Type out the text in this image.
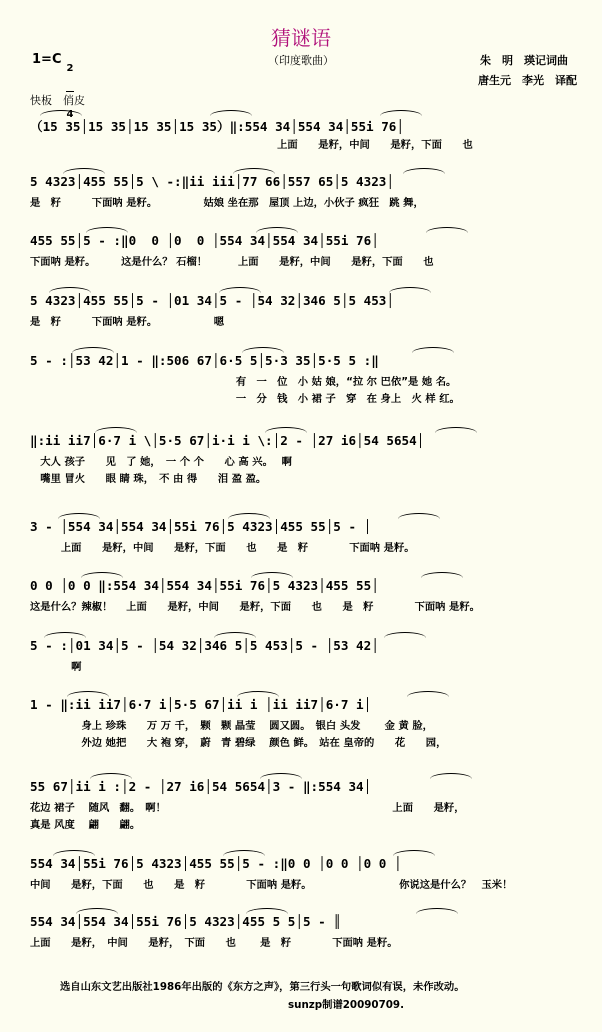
猜谜语
（印度歌曲）
1=C

2

4

朱　明　瑛记词曲
唐生元　李光　译配
快板　俏皮
（15 35│15 35│15 35│15 35）‖:554 34│554 34│55i 76│
　　　　　　　　　　　　　　　　　　　　　　　　上面　　是籽，中间　　是籽，下面　　也
5 4323│455 55│5 \ -:‖ii iii│77 66│557 65│5 4323│
是　籽　　　下面呐 是籽。　　　　　姑娘 坐在那　屋顶 上边，小伙子 疯狂　跳 舞，
455 55│5 - :‖0  0 │0  0 │554 34│554 34│55i 76│
下面呐 是籽。　　　这是什么？ 石榴！　　　上面　　是籽，中间　　是籽，下面　　也
5 4323│455 55│5 - │01 34│5 - │54 32│346 5│5 453│
是　籽　　　下面呐 是籽。　　　　　　嗯
5 - :│53 42│1 - ‖:506 67│6·5 5│5·3 35│5·5 5 :‖
　　　　　　　　　　　　　　　　　　　　有　一　位　小 姑 娘，“拉 尔 巴依”是 她 名。
　　　　　　　　　　　　　　　　　　　　一　分　钱　小 裙 子　穿　在 身上　火 样 红。
‖:ii ii7│6·7 i \│5·5 67│i·i i \:│2 - │27 i6│54 5654│
　大人 孩子　　见　了 她，　一 个 个　　心 高 兴。　 啊
　嘴里 冒火　　眼 睛 珠，　不 由 得　　泪 盈 盈。
3 - │554 34│554 34│55i 76│5 4323│455 55│5 - │
　　　上面　　是籽，中间　　是籽，下面　　也　　是　籽　　　　下面呐 是籽。
0 0 │0 0 ‖:554 34│554 34│55i 76│5 4323│455 55│
这是什么？辣椒！　 上面　　是籽，中间　　是籽，下面　　也　　是　籽　　　　下面呐 是籽。
5 - :│01 34│5 - │54 32│346 5│5 453│5 - │53 42│
　　　　啊
1 - ‖:ii ii7│6·7 i│5·5 67│ii i │ii ii7│6·7 i│
　　　　　身上 珍珠　　万 万 千，　颗　颗 晶莹　 圆又圆。　银白 头发　　 金 黄 脸，
　　　　　外边 她把　　大 袍 穿，　蔚　青 碧绿　 颜色 鲜。　站在 皇帝的　　花　　园，
55 67│ii i :│2 - │27 i6│54 5654│3 - ‖:554 34│
花边 裙子　 随风　翻。　啊！　　　　　　　　　　　　　　　　　　　　　　上面　　是籽，
真是 风度　 翩　　翩。
554 34│55i 76│5 4323│455 55│5 - :‖0 0 │0 0 │0 0 │
中间　　是籽，下面　　也　　是　籽　　　　下面呐 是籽。　　　　　　　　　你说这是什么？　玉米！
554 34│554 34│55i 76│5 4323│455 5 5│5 - ║
上面　　是籽，　中间　　是籽，　下面　　也　　 是　籽　　　　下面呐 是籽。
选自山东文艺出版社1986年出版的《东方之声》，第三行头一句歌词似有误，未作改动。
sunzp制谱20090709.
